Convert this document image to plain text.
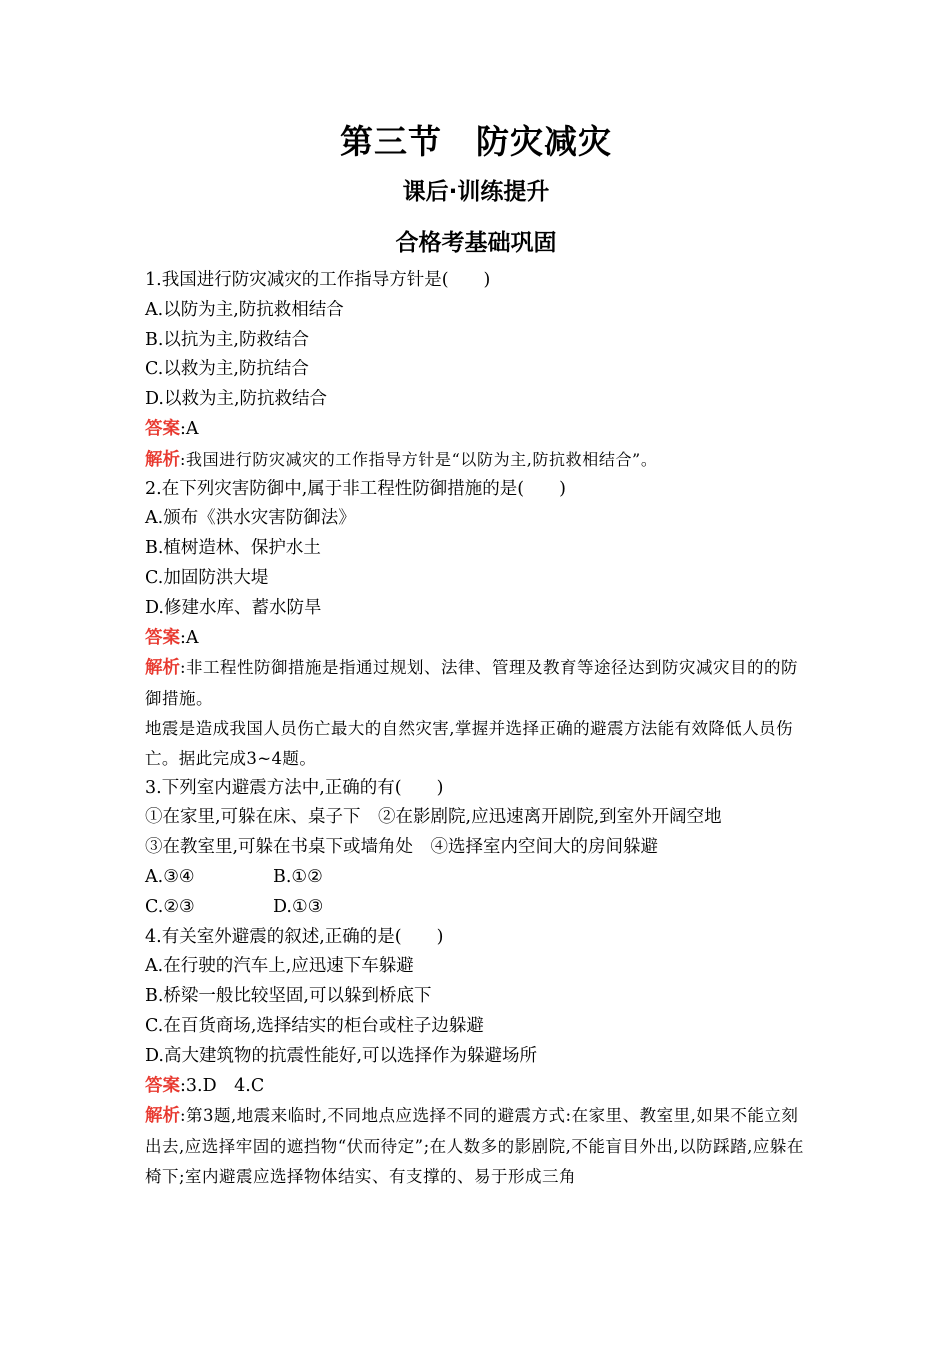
第三节　防灾减灾
课后·训练提升
合格考基础巩固
1.我国进行防灾减灾的工作指导方针是(　　)
A.以防为主,防抗救相结合
B.以抗为主,防救结合
C.以救为主,防抗结合
D.以救为主,防抗救结合
答案:A
解析:我国进行防灾减灾的工作指导方针是“以防为主,防抗救相结合”。
2.在下列灾害防御中,属于非工程性防御措施的是(　　)
A.颁布《洪水灾害防御法》
B.植树造林、保护水土
C.加固防洪大堤
D.修建水库、蓄水防旱
答案:A
解析:非工程性防御措施是指通过规划、法律、管理及教育等途径达到防灾减灾目的的防御措施。
地震是造成我国人员伤亡最大的自然灾害,掌握并选择正确的避震方法能有效降低人员伤亡。据此完成3~4题。
3.下列室内避震方法中,正确的有(　　)
①在家里,可躲在床、桌子下　②在影剧院,应迅速离开剧院,到室外开阔空地
③在教室里,可躲在书桌下或墙角处　④选择室内空间大的房间躲避
A.③④	B.①②
C.②③	D.①③
4.有关室外避震的叙述,正确的是(　　)
A.在行驶的汽车上,应迅速下车躲避
B.桥梁一般比较坚固,可以躲到桥底下
C.在百货商场,选择结实的柜台或柱子边躲避
D.高大建筑物的抗震性能好,可以选择作为躲避场所
答案:3.D　4.C
解析:第3题,地震来临时,不同地点应选择不同的避震方式:在家里、教室里,如果不能立刻出去,应选择牢固的遮挡物“伏而待定”;在人数多的影剧院,不能盲目外出,以防踩踏,应躲在椅下;室内避震应选择物体结实、有支撑的、易于形成三角
